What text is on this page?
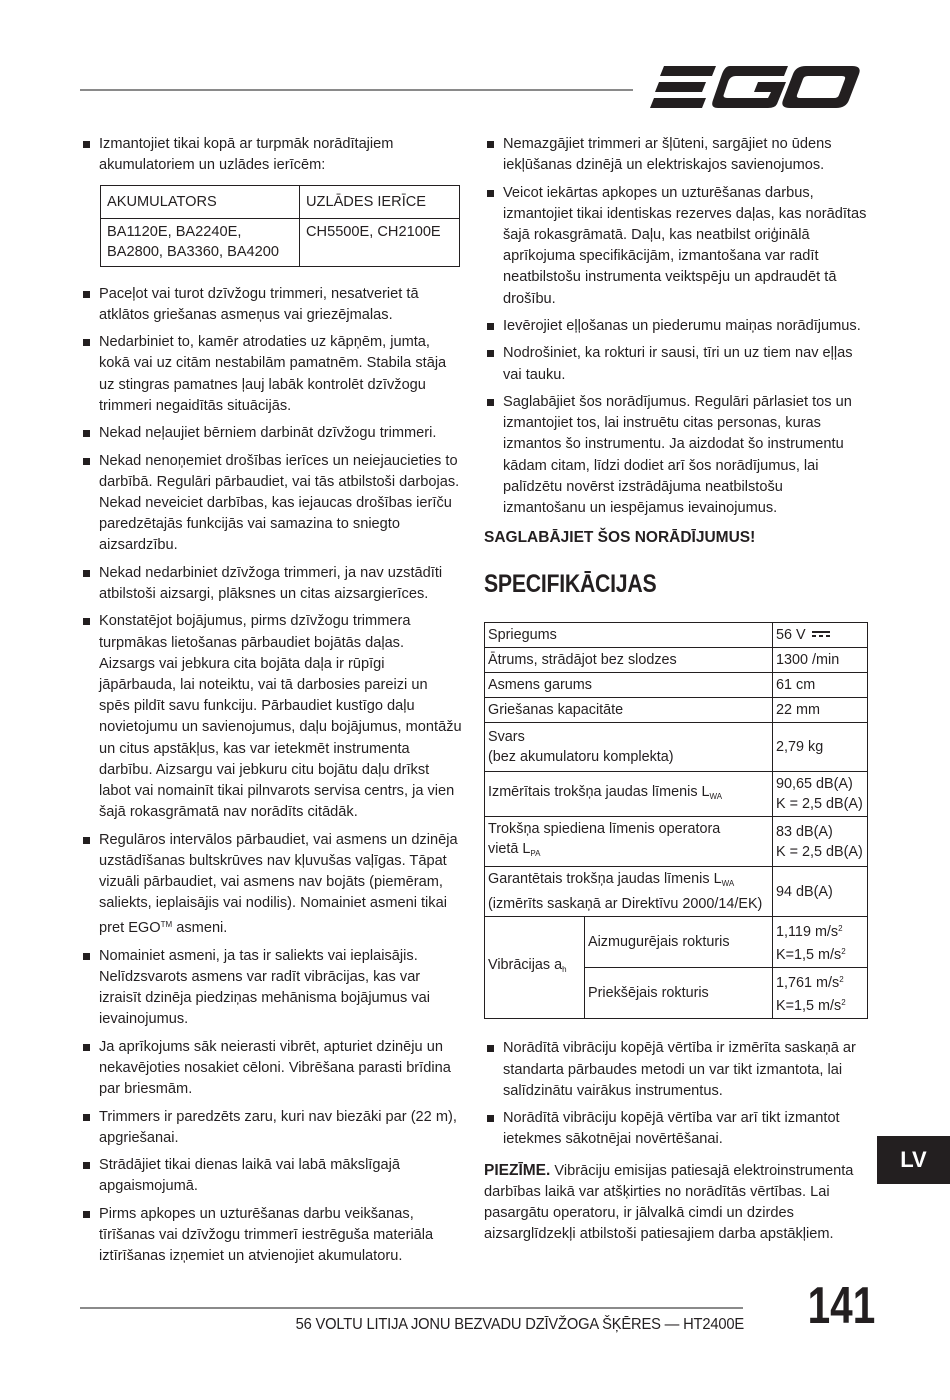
Izmantojiet tikai kopā ar turpmāk norādītajiem akumulatoriem un uzlādes ierīcēm:
AKUMULATORS	UZLĀDES IERĪCE
BA1120E, BA2240E, BA2800, BA3360, BA4200	CH5500E, CH2100E
Paceļot vai turot dzīvžogu trimmeri, nesatveriet tā atklātos griešanas asmeņus vai griezējmalas.
Nedarbiniet to, kamēr atrodaties uz kāpņēm, jumta, kokā vai uz citām nestabilām pamatnēm. Stabila stāja uz stingras pamatnes ļauj labāk kontrolēt dzīvžogu trimmeri negaidītās situācijās.
Nekad neļaujiet bērniem darbināt dzīvžogu trimmeri.
Nekad nenoņemiet drošības ierīces un neiejaucieties to darbībā. Regulāri pārbaudiet, vai tās atbilstoši darbojas. Nekad neveiciet darbības, kas iejaucas drošības ierīču paredzētajās funkcijās vai samazina to sniegto aizsardzību.
Nekad nedarbiniet dzīvžoga trimmeri, ja nav uzstādīti atbilstoši aizsargi, plāksnes un citas aizsargierīces.
Konstatējot bojājumus, pirms dzīvžogu trimmera turpmākas lietošanas pārbaudiet bojātās daļas. Aizsargs vai jebkura cita bojāta daļa ir rūpīgi jāpārbauda, lai noteiktu, vai tā darbosies pareizi un spēs pildīt savu funkciju. Pārbaudiet kustīgo daļu novietojumu un savienojumus, daļu bojājumus, montāžu un citus apstākļus, kas var ietekmēt instrumenta darbību. Aizsargu vai jebkuru citu bojātu daļu drīkst labot vai nomainīt tikai pilnvarots servisa centrs, ja vien šajā rokasgrāmatā nav norādīts citādāk.
Regulāros intervālos pārbaudiet, vai asmens un dzinēja uzstādīšanas bultskrūves nav kļuvušas vaļīgas. Tāpat vizuāli pārbaudiet, vai asmens nav bojāts (piemēram, saliekts, ieplaisājis vai nodilis). Nomainiet asmeni tikai pret EGO™ asmeni.
Nomainiet asmeni, ja tas ir saliekts vai ieplaisājis. Nelīdzsvarots asmens var radīt vibrācijas, kas var izraisīt dzinēja piedziņas mehānisma bojājumus vai ievainojumus.
Ja aprīkojums sāk neierasti vibrēt, apturiet dzinēju un nekavējoties nosakiet cēloni. Vibrēšana parasti brīdina par briesmām.
Trimmers ir paredzēts zaru, kuri nav biezāki par (22 m), apgriešanai.
Strādājiet tikai dienas laikā vai labā mākslīgajā apgaismojumā.
Pirms apkopes un uzturēšanas darbu veikšanas, tīrīšanas vai dzīvžogu trimmerī iestrēguša materiāla iztīrīšanas izņemiet un atvienojiet akumulatoru.
Nemazgājiet trimmeri ar šļūteni, sargājiet no ūdens iekļūšanas dzinējā un elektriskajos savienojumos.
Veicot iekārtas apkopes un uzturēšanas darbus, izmantojiet tikai identiskas rezerves daļas, kas norādītas šajā rokasgrāmatā. Daļu, kas neatbilst oriģinālā aprīkojuma specifikācijām, izmantošana var radīt neatbilstošu instrumenta veiktspēju un apdraudēt tā drošību.
Ievērojiet eļļošanas un piederumu maiņas norādījumus.
Nodrošiniet, ka rokturi ir sausi, tīri un uz tiem nav eļļas vai tauku.
Saglabājiet šos norādījumus. Regulāri pārlasiet tos un izmantojiet tos, lai instruētu citas personas, kuras izmantos šo instrumentu. Ja aizdodat šo instrumentu kādam citam, līdzi dodiet arī šos norādījumus, lai palīdzētu novērst izstrādājuma neatbilstošu izmantošanu un iespējamus ievainojumus.
SAGLABĀJIET ŠOS NORĀDĪJUMUS!
SPECIFIKĀCIJAS
Spriegums		56 V
Ātrums, strādājot bez slodzes		1300 /min
Asmens garums		61 cm
Griešanas kapacitāte		22 mm
Svars
(bez akumulatoru komplekta)		2,79 kg
Izmērītais trokšņa jaudas līmenis $L_{WA}$		90,65 dB(A)
K = 2,5 dB(A)
Trokšņa spiediena līmenis operatora
vietā $L_{PA}$		83 dB(A)
K = 2,5 dB(A)
Garantētais trokšņa jaudas līmenis $L_{WA}$
(izmērīts saskaņā ar Direktīvu 2000/14/EK)		94 dB(A)
Vibrācijas $a_h$	Aizmugurējais rokturis	1,119 $m/s^2$
K=1,5 $m/s^2$
	Priekšējais rokturis	1,761 $m/s^2$
K=1,5 $m/s^2$
Norādītā vibrāciju kopējā vērtība ir izmērīta saskaņā ar standarta pārbaudes metodi un var tikt izmantota, lai salīdzinātu vairākus instrumentus.
Norādītā vibrāciju kopējā vērtība var arī tikt izmantot ietekmes sākotnējai novērtēšanai.
PIEZĪME. Vibrāciju emisijas patiesajā elektroinstrumenta darbības laikā var atšķirties no norādītās vērtības. Lai pasargātu operatoru, ir jālvalkā cimdi un dzirdes aizsarglīdzekļi atbilstoši patiesajiem darba apstākļiem.
LV
56 VOLTU LITIJA JONU BEZVADU DZĪVŽOGA ŠĶĒRES — HT2400E 141
